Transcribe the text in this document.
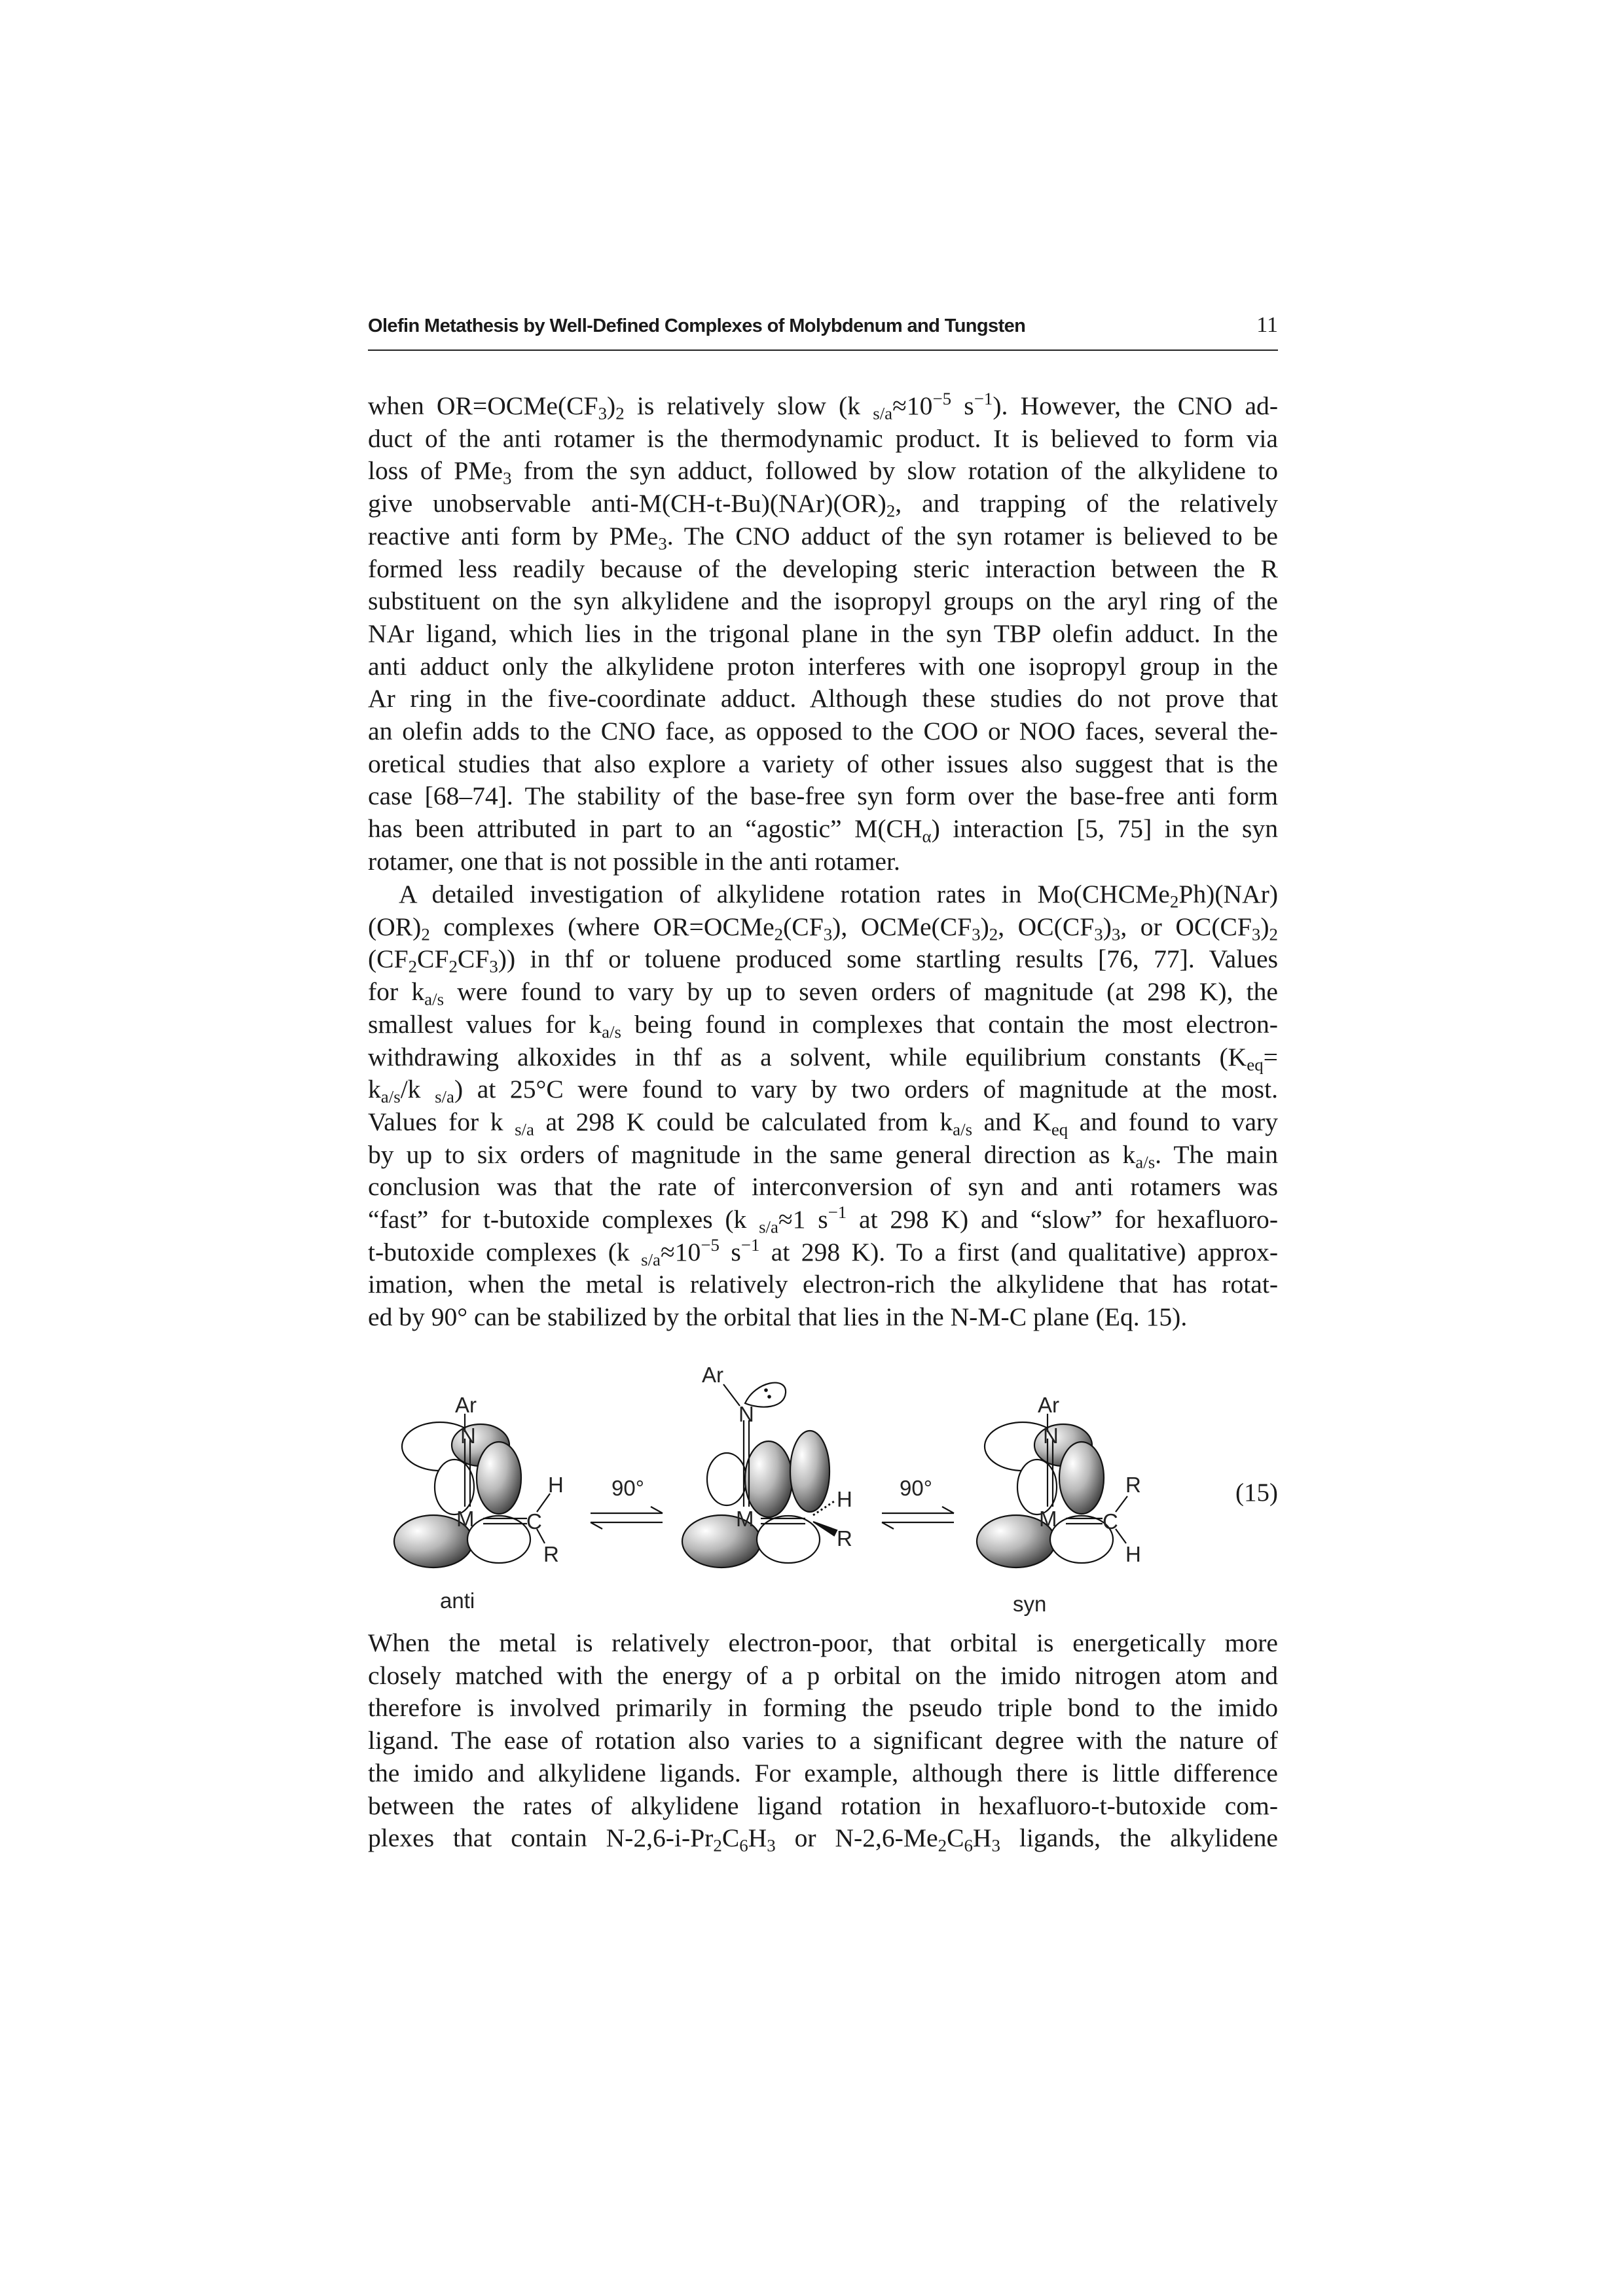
Olefin Metathesis by Well-Defined Complexes of Molybdenum and Tungsten	11

when $OR=OCMe(CF_3)_2$ is relatively slow (k $_{s/a}\approx 10^{-5}$ $s^{-1}$). However, the CNO ad-
duct of the anti rotamer is the thermodynamic product. It is believed to form via
loss of PMe$_3$ from the syn adduct, followed by slow rotation of the alkylidene to
give unobservable anti-$M(CH-t-Bu)(NAr)(OR)_2$, and trapping of the relatively
reactive anti form by PMe$_3$. The CNO adduct of the syn rotamer is believed to be
formed less readily because of the developing steric interaction between the R
substituent on the syn alkylidene and the isopropyl groups on the aryl ring of the
NAr ligand, which lies in the trigonal plane in the syn TBP olefin adduct. In the
anti adduct only the alkylidene proton interferes with one isopropyl group in the
Ar ring in the five-coordinate adduct. Although these studies do not prove that
an olefin adds to the CNO face, as opposed to the COO or NOO faces, several the-
oretical studies that also explore a variety of other issues also suggest that is the
case [68–74]. The stability of the base-free syn form over the base-free anti form
has been attributed in part to an “agostic” $M(CH_\alpha)$ interaction [5, 75] in the syn
rotamer, one that is not possible in the anti rotamer.

A detailed investigation of alkylidene rotation rates in Mo(CHCMe$_2$Ph)(NAr)
$(OR)_2$ complexes (where $OR=OCMe_2(CF_3)$, $OCMe(CF_3)_2$, $OC(CF_3)_3$, or $OC(CF_3)_2$
$(CF_2CF_2CF_3)$) in thf or toluene produced some startling results [76, 77]. Values
for $k_{a/s}$ were found to vary by up to seven orders of magnitude (at 298 K), the
smallest values for $k_{a/s}$ being found in complexes that contain the most electron-
withdrawing alkoxides in thf as a solvent, while equilibrium constants ($K_{eq}=$
$k_{a/s}/k$ $_{s/a}$) at 25°C were found to vary by two orders of magnitude at the most.
Values for k $_{s/a}$ at 298 K could be calculated from $k_{a/s}$ and $K_{eq}$ and found to vary
by up to six orders of magnitude in the same general direction as $k_{a/s}$. The main
conclusion was that the rate of interconversion of syn and anti rotamers was
“fast” for t-butoxide complexes (k $_{s/a}$≈1 $s^{-1}$ at 298 K) and “slow” for hexafluoro-
t-butoxide complexes (k $_{s/a}\approx 10^{-5}$ $s^{-1}$ at 298 K). To a first (and qualitative) approx-
imation, when the metal is relatively electron-rich the alkylidene that has rotat-
ed by 90° can be stabilized by the orbital that lies in the N-M-C plane (Eq. 15).

Ar
N
M C
H
R
anti
90°
Ar
N
M
H
R
90°
Ar
N
M C
R
H
syn
(15)

When the metal is relatively electron-poor, that orbital is energetically more
closely matched with the energy of a p orbital on the imido nitrogen atom and
therefore is involved primarily in forming the pseudo triple bond to the imido
ligand. The ease of rotation also varies to a significant degree with the nature of
the imido and alkylidene ligands. For example, although there is little difference
between the rates of alkylidene ligand rotation in hexafluoro-t-butoxide com-
plexes that contain $N-2,6-i-Pr_2C_6H_3$ or $N-2,6-Me_2C_6H_3$ ligands, the alkylidene
